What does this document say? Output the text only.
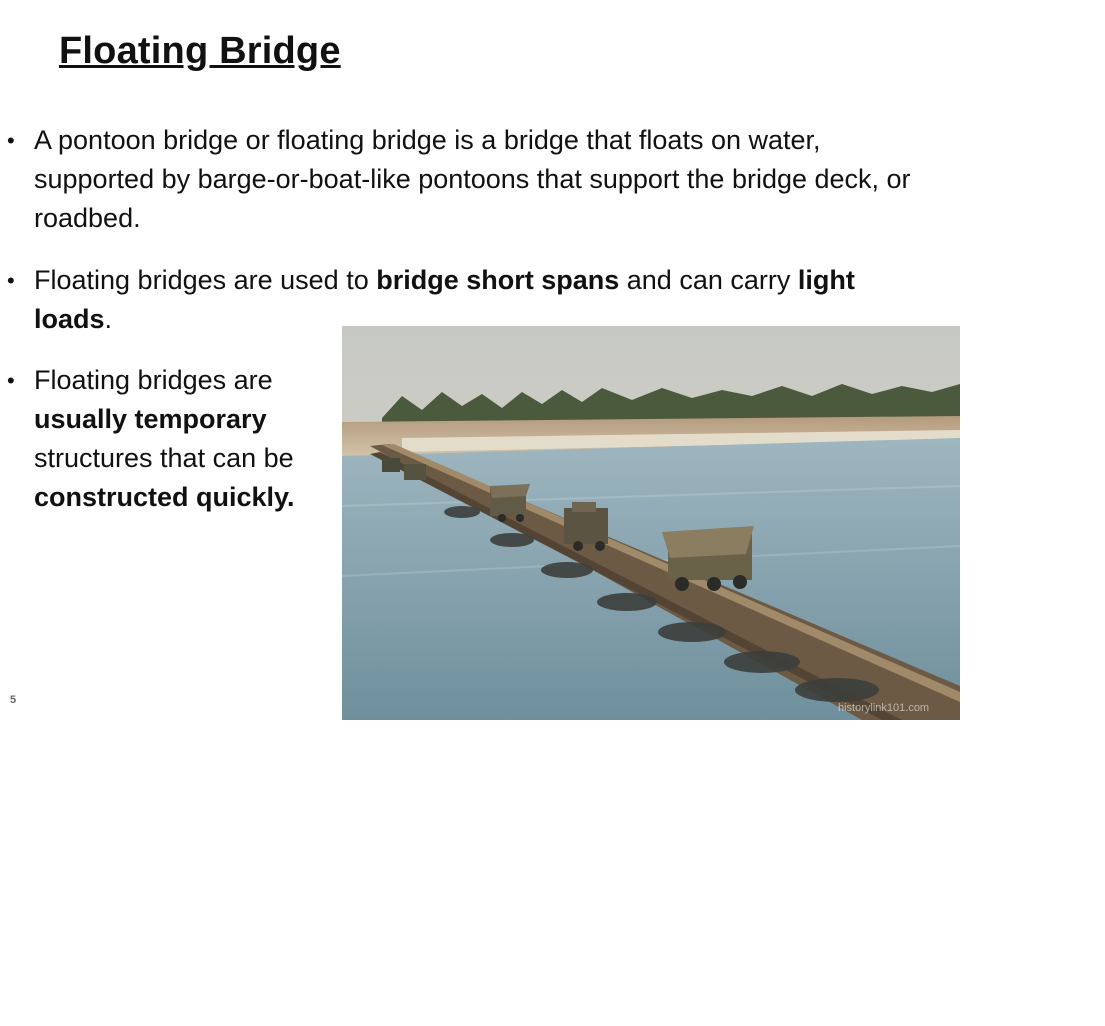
Floating Bridge
• A pontoon bridge or floating bridge is a bridge that floats on water, supported by barge-or-boat-like pontoons that support the bridge deck, or roadbed.
• Floating bridges are used to bridge short spans and can carry light loads.
• Floating bridges are usually temporary structures that can be constructed quickly.
http://www.historylink101.com/ww2_color/WorldWarIIBridges/IMG_1178.html
historylink101.com
5
